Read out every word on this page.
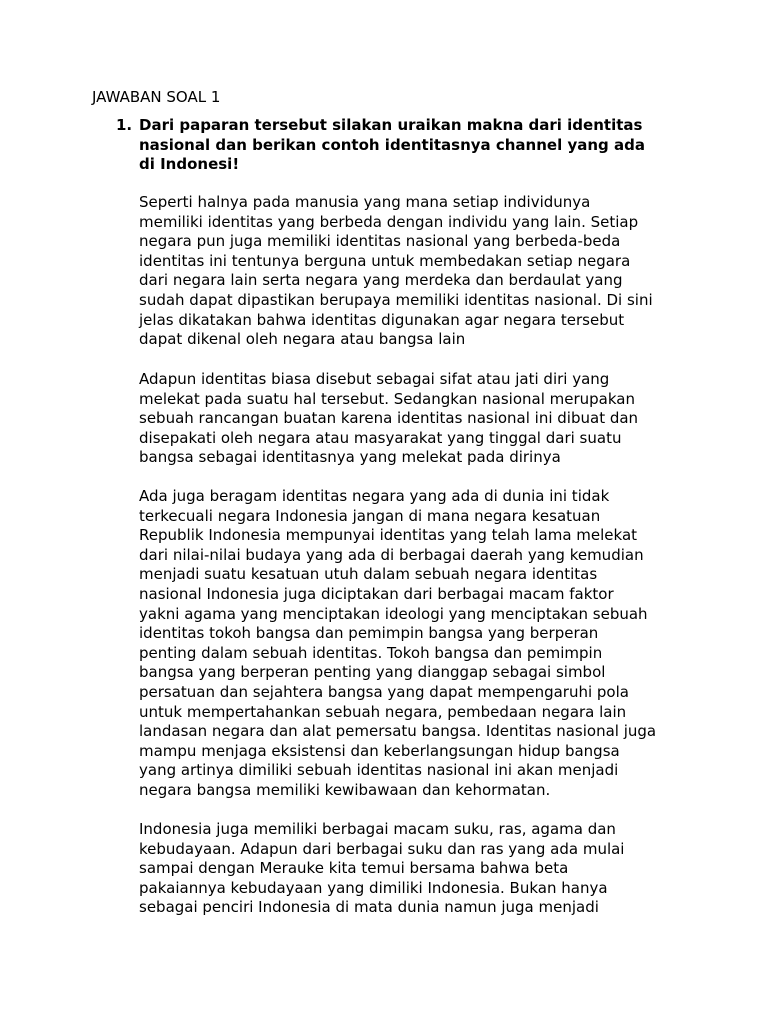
JAWABAN SOAL 1
1. Dari paparan tersebut silakan uraikan makna dari identitas
nasional dan berikan contoh identitasnya channel yang ada
di Indonesi!
Seperti halnya pada manusia yang mana setiap individunya
memiliki identitas yang berbeda dengan individu yang lain. Setiap
negara pun juga memiliki identitas nasional yang berbeda-beda
identitas ini tentunya berguna untuk membedakan setiap negara
dari negara lain serta negara yang merdeka dan berdaulat yang
sudah dapat dipastikan berupaya memiliki identitas nasional. Di sini
jelas dikatakan bahwa identitas digunakan agar negara tersebut
dapat dikenal oleh negara atau bangsa lain
Adapun identitas biasa disebut sebagai sifat atau jati diri yang
melekat pada suatu hal tersebut. Sedangkan nasional merupakan
sebuah rancangan buatan karena identitas nasional ini dibuat dan
disepakati oleh negara atau masyarakat yang tinggal dari suatu
bangsa sebagai identitasnya yang melekat pada dirinya
Ada juga beragam identitas negara yang ada di dunia ini tidak
terkecuali negara Indonesia jangan di mana negara kesatuan
Republik Indonesia mempunyai identitas yang telah lama melekat
dari nilai-nilai budaya yang ada di berbagai daerah yang kemudian
menjadi suatu kesatuan utuh dalam sebuah negara identitas
nasional Indonesia juga diciptakan dari berbagai macam faktor
yakni agama yang menciptakan ideologi yang menciptakan sebuah
identitas tokoh bangsa dan pemimpin bangsa yang berperan
penting dalam sebuah identitas. Tokoh bangsa dan pemimpin
bangsa yang berperan penting yang dianggap sebagai simbol
persatuan dan sejahtera bangsa yang dapat mempengaruhi pola
untuk mempertahankan sebuah negara, pembedaan negara lain
landasan negara dan alat pemersatu bangsa. Identitas nasional juga
mampu menjaga eksistensi dan keberlangsungan hidup bangsa
yang artinya dimiliki sebuah identitas nasional ini akan menjadi
negara bangsa memiliki kewibawaan dan kehormatan.
Indonesia juga memiliki berbagai macam suku, ras, agama dan
kebudayaan. Adapun dari berbagai suku dan ras yang ada mulai
sampai dengan Merauke kita temui bersama bahwa beta
pakaiannya kebudayaan yang dimiliki Indonesia. Bukan hanya
sebagai penciri Indonesia di mata dunia namun juga menjadi
